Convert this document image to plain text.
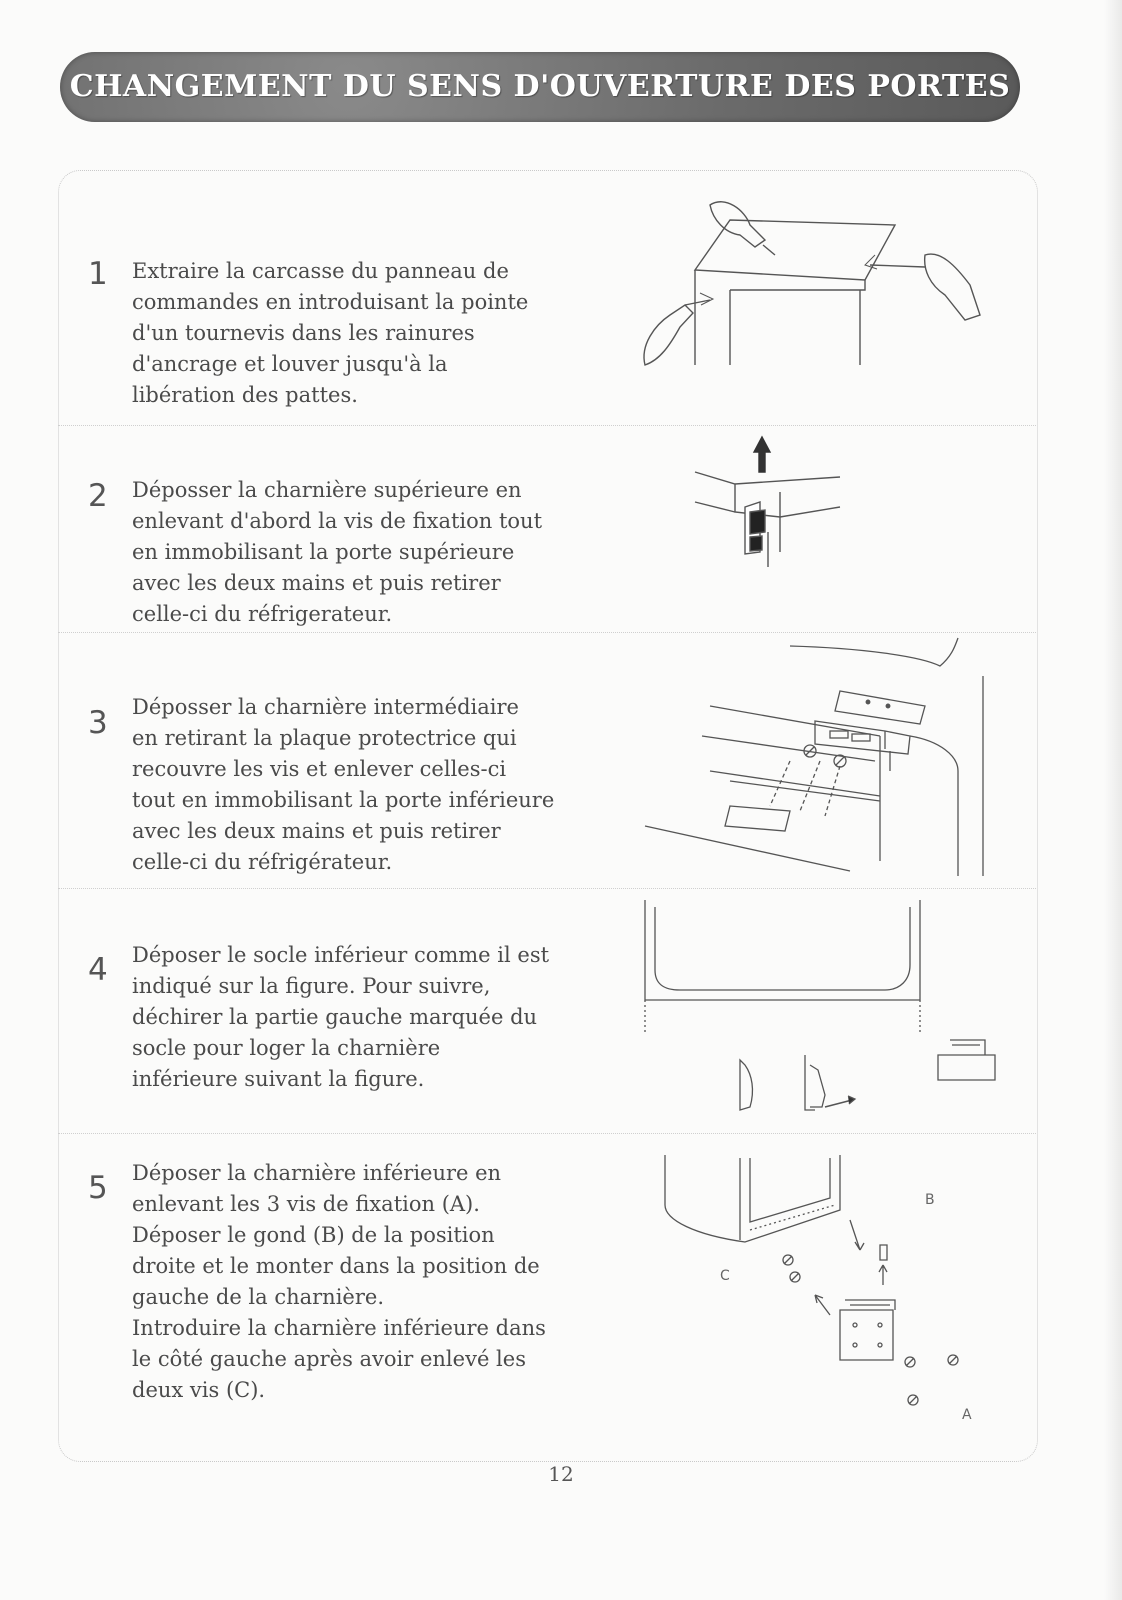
CHANGEMENT DU SENS D'OUVERTURE DES PORTES
1 Extraire la carcasse du panneau de
commandes en introduisant la pointe
d'un tournevis dans les rainures
d'ancrage et louver jusqu'à la
libération des pattes.
2 Déposser la charnière supérieure en
enlevant d'abord la vis de fixation tout
en immobilisant la porte supérieure
avec les deux mains et puis retirer
celle-ci du réfrigerateur.
3 Déposser la charnière intermédiaire
en retirant la plaque protectrice qui
recouvre les vis et enlever celles-ci
tout en immobilisant la porte inférieure
avec les deux mains et puis retirer
celle-ci du réfrigérateur.
4 Déposer le socle inférieur comme il est
indiqué sur la figure. Pour suivre,
déchirer la partie gauche marquée du
socle pour loger la charnière
inférieure suivant la figure.
5 Déposer la charnière inférieure en
enlevant les 3 vis de fixation (A).
Déposer le gond (B) de la position
droite et le monter dans la position de
gauche de la charnière.
Introduire la charnière inférieure dans
le côté gauche après avoir enlevé les
deux vis (C).
B
C
A
12
